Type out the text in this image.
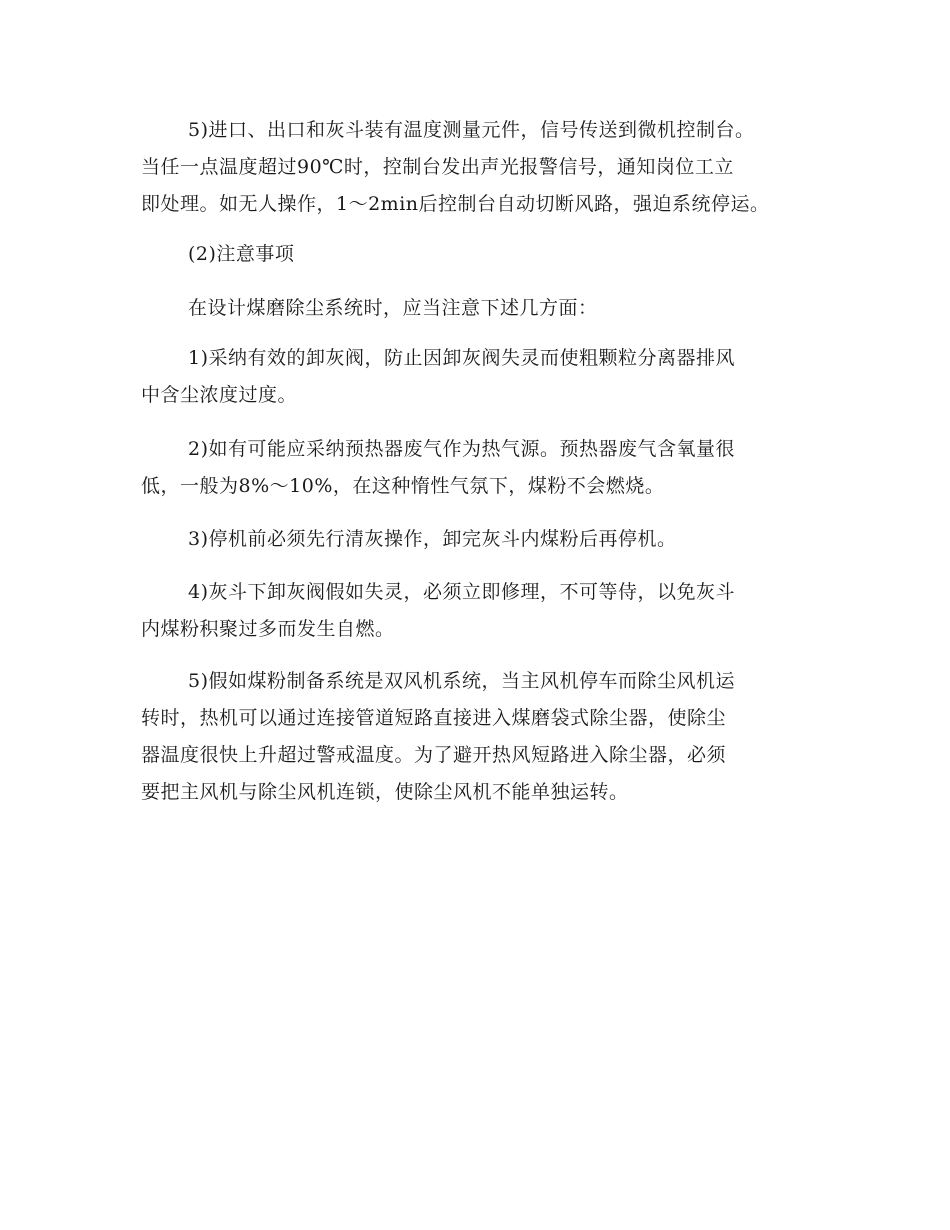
5)进口、出口和灰斗装有温度测量元件，信号传送到微机控制台。
当任一点温度超过90℃时，控制台发出声光报警信号，通知岗位工立
即处理。如无人操作，1～2min后控制台自动切断风路，强迫系统停运。
(2)注意事项
在设计煤磨除尘系统时，应当注意下述几方面：
1)采纳有效的卸灰阀，防止因卸灰阀失灵而使粗颗粒分离器排风
中含尘浓度过度。
2)如有可能应采纳预热器废气作为热气源。预热器废气含氧量很
低，一般为8%～10%，在这种惰性气氛下，煤粉不会燃烧。
3)停机前必须先行清灰操作，卸完灰斗内煤粉后再停机。
4)灰斗下卸灰阀假如失灵，必须立即修理，不可等侍，以免灰斗
内煤粉积聚过多而发生自燃。
5)假如煤粉制备系统是双风机系统，当主风机停车而除尘风机运
转时，热机可以通过连接管道短路直接进入煤磨袋式除尘器，使除尘
器温度很快上升超过警戒温度。为了避开热风短路进入除尘器，必须
要把主风机与除尘风机连锁，使除尘风机不能单独运转。
